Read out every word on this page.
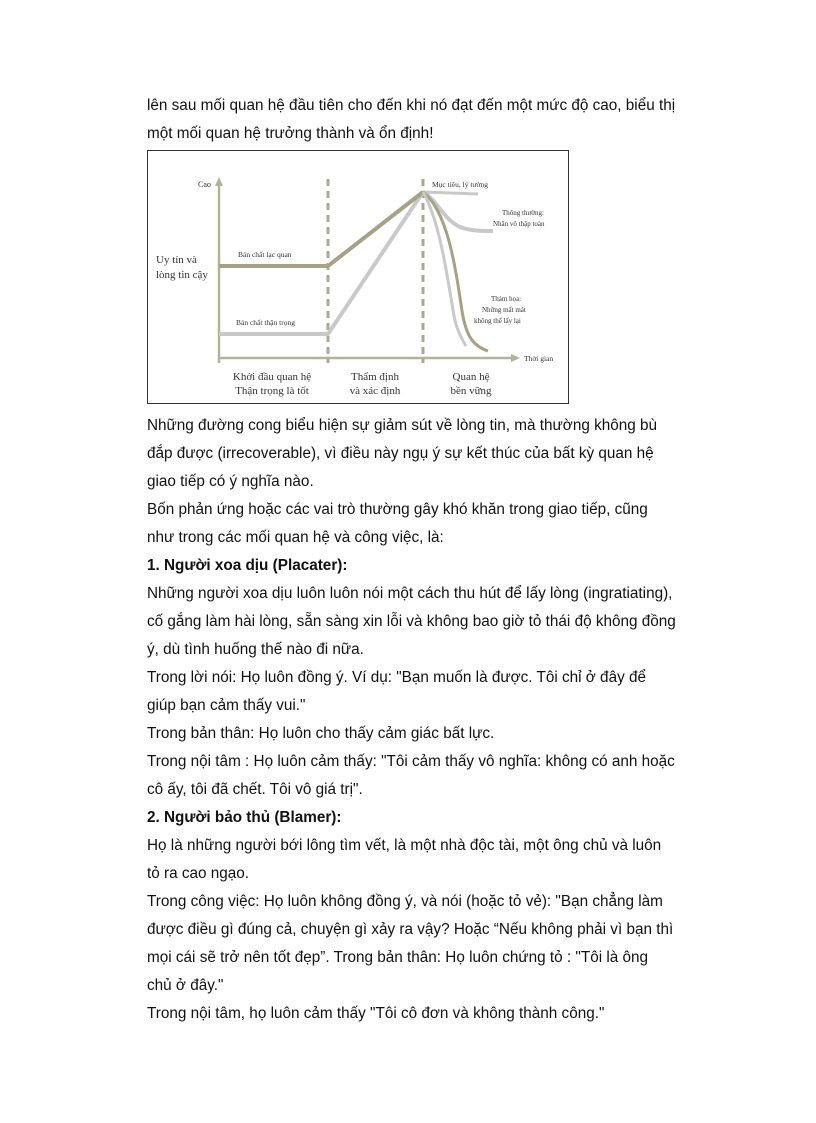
lên sau mối quan hệ đầu tiên cho đến khi nó đạt đến một mức độ cao, biểu thị

một mối quan hệ trưởng thành và ổn định!

Cao
Uy tín và
lòng tin cậy
Bản chất lạc quan
Bản chất thận trọng
Mục tiêu, lý tưởng
Thông thường:
Nhân vô thập toàn
Thảm họa:
Những mất mát
không thể lấy lại
Thời gian
Khởi đầu quan hệ
Thận trọng là tốt
Thẩm định
và xác định
Quan hệ
bền vững

Những đường cong biểu hiện sự giảm sút về lòng tin, mà thường không bù

đắp được (irrecoverable), vì điều này ngụ ý sự kết thúc của bất kỳ quan hệ

giao tiếp có ý nghĩa nào.

Bốn phản ứng hoặc các vai trò thường gây khó khăn trong giao tiếp, cũng

như trong các mối quan hệ và công việc, là:

1. Người xoa dịu (Placater):

Những người xoa dịu luôn luôn nói một cách thu hút để lấy lòng (ingratiating),

cố gắng làm hài lòng, sẵn sàng xin lỗi và không bao giờ tỏ thái độ không đồng

ý, dù tình huống thế nào đi nữa.

Trong lời nói: Họ luôn đồng ý. Ví dụ: "Bạn muốn là được. Tôi chỉ ở đây để

giúp bạn cảm thấy vui."

Trong bản thân: Họ luôn cho thấy cảm giác bất lực.

Trong nội tâm : Họ luôn cảm thấy: "Tôi cảm thấy vô nghĩa: không có anh hoặc

cô ấy, tôi đã chết. Tôi vô giá trị".

2. Người bảo thủ (Blamer):

Họ là những người bới lông tìm vết, là một nhà độc tài, một ông chủ và luôn

tỏ ra cao ngạo.

Trong công việc: Họ luôn không đồng ý, và nói (hoặc tỏ vẻ): "Bạn chẳng làm

được điều gì đúng cả, chuyện gì xảy ra vậy? Hoặc “Nếu không phải vì bạn thì

mọi cái sẽ trở nên tốt đẹp”. Trong bản thân: Họ luôn chứng tỏ : "Tôi là ông

chủ ở đây."

Trong nội tâm, họ luôn cảm thấy "Tôi cô đơn và không thành công."
